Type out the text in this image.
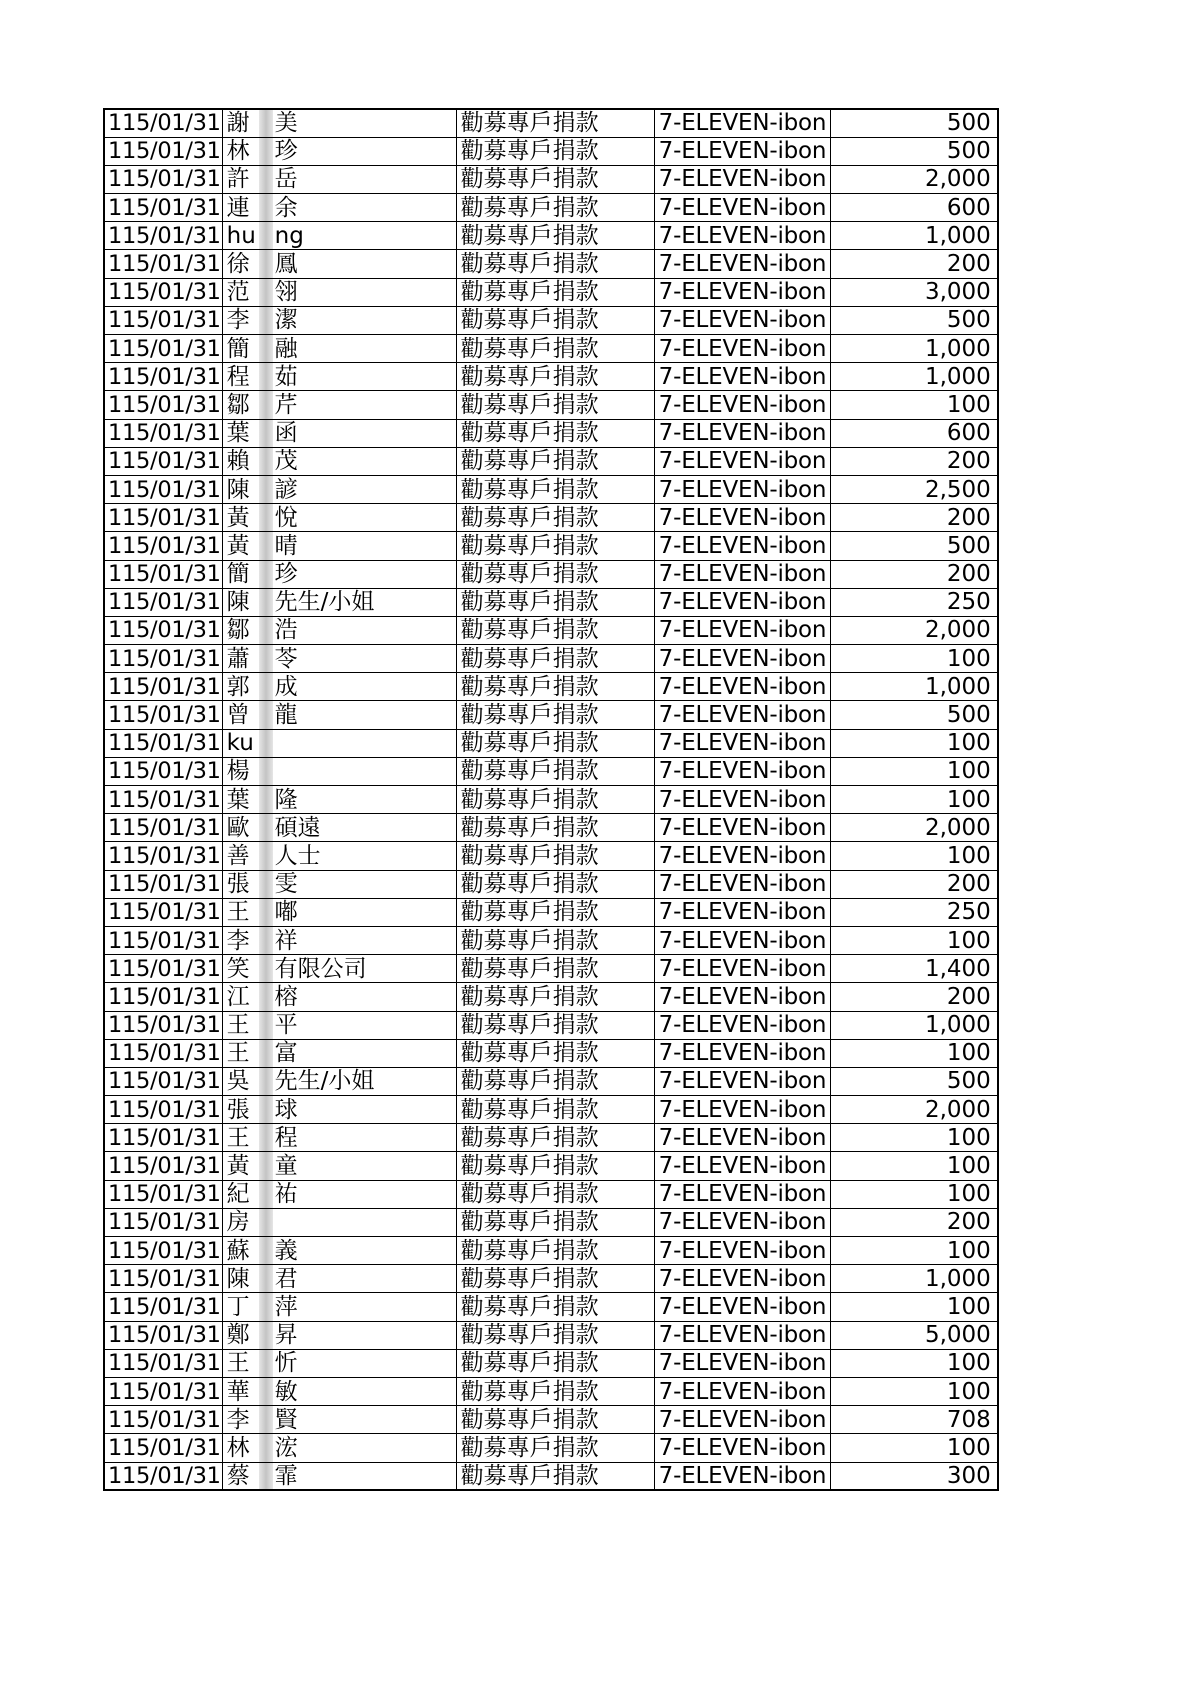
115/01/31	謝 美	勸募專戶捐款	7-ELEVEN-ibon	500
115/01/31	林 珍	勸募專戶捐款	7-ELEVEN-ibon	500
115/01/31	許 岳	勸募專戶捐款	7-ELEVEN-ibon	2,000
115/01/31	連 余	勸募專戶捐款	7-ELEVEN-ibon	600
115/01/31	hu ng	勸募專戶捐款	7-ELEVEN-ibon	1,000
115/01/31	徐 鳳	勸募專戶捐款	7-ELEVEN-ibon	200
115/01/31	范 翎	勸募專戶捐款	7-ELEVEN-ibon	3,000
115/01/31	李 潔	勸募專戶捐款	7-ELEVEN-ibon	500
115/01/31	簡 融	勸募專戶捐款	7-ELEVEN-ibon	1,000
115/01/31	程 茹	勸募專戶捐款	7-ELEVEN-ibon	1,000
115/01/31	鄒 芹	勸募專戶捐款	7-ELEVEN-ibon	100
115/01/31	葉 函	勸募專戶捐款	7-ELEVEN-ibon	600
115/01/31	賴 茂	勸募專戶捐款	7-ELEVEN-ibon	200
115/01/31	陳 諺	勸募專戶捐款	7-ELEVEN-ibon	2,500
115/01/31	黃 悅	勸募專戶捐款	7-ELEVEN-ibon	200
115/01/31	黃 晴	勸募專戶捐款	7-ELEVEN-ibon	500
115/01/31	簡 珍	勸募專戶捐款	7-ELEVEN-ibon	200
115/01/31	陳 先生/小姐	勸募專戶捐款	7-ELEVEN-ibon	250
115/01/31	鄒 浩	勸募專戶捐款	7-ELEVEN-ibon	2,000
115/01/31	蕭 苓	勸募專戶捐款	7-ELEVEN-ibon	100
115/01/31	郭 成	勸募專戶捐款	7-ELEVEN-ibon	1,000
115/01/31	曾 龍	勸募專戶捐款	7-ELEVEN-ibon	500
115/01/31	ku	勸募專戶捐款	7-ELEVEN-ibon	100
115/01/31	楊	勸募專戶捐款	7-ELEVEN-ibon	100
115/01/31	葉 隆	勸募專戶捐款	7-ELEVEN-ibon	100
115/01/31	歐 碩遠	勸募專戶捐款	7-ELEVEN-ibon	2,000
115/01/31	善 人士	勸募專戶捐款	7-ELEVEN-ibon	100
115/01/31	張 雯	勸募專戶捐款	7-ELEVEN-ibon	200
115/01/31	王 嘟	勸募專戶捐款	7-ELEVEN-ibon	250
115/01/31	李 祥	勸募專戶捐款	7-ELEVEN-ibon	100
115/01/31	笑 有限公司	勸募專戶捐款	7-ELEVEN-ibon	1,400
115/01/31	江 榕	勸募專戶捐款	7-ELEVEN-ibon	200
115/01/31	王 平	勸募專戶捐款	7-ELEVEN-ibon	1,000
115/01/31	王 富	勸募專戶捐款	7-ELEVEN-ibon	100
115/01/31	吳 先生/小姐	勸募專戶捐款	7-ELEVEN-ibon	500
115/01/31	張 球	勸募專戶捐款	7-ELEVEN-ibon	2,000
115/01/31	王 程	勸募專戶捐款	7-ELEVEN-ibon	100
115/01/31	黃 童	勸募專戶捐款	7-ELEVEN-ibon	100
115/01/31	紀 祐	勸募專戶捐款	7-ELEVEN-ibon	100
115/01/31	房	勸募專戶捐款	7-ELEVEN-ibon	200
115/01/31	蘇 義	勸募專戶捐款	7-ELEVEN-ibon	100
115/01/31	陳 君	勸募專戶捐款	7-ELEVEN-ibon	1,000
115/01/31	丁 萍	勸募專戶捐款	7-ELEVEN-ibon	100
115/01/31	鄭 昇	勸募專戶捐款	7-ELEVEN-ibon	5,000
115/01/31	王 忻	勸募專戶捐款	7-ELEVEN-ibon	100
115/01/31	華 敏	勸募專戶捐款	7-ELEVEN-ibon	100
115/01/31	李 賢	勸募專戶捐款	7-ELEVEN-ibon	708
115/01/31	林 浤	勸募專戶捐款	7-ELEVEN-ibon	100
115/01/31	蔡 霏	勸募專戶捐款	7-ELEVEN-ibon	300
